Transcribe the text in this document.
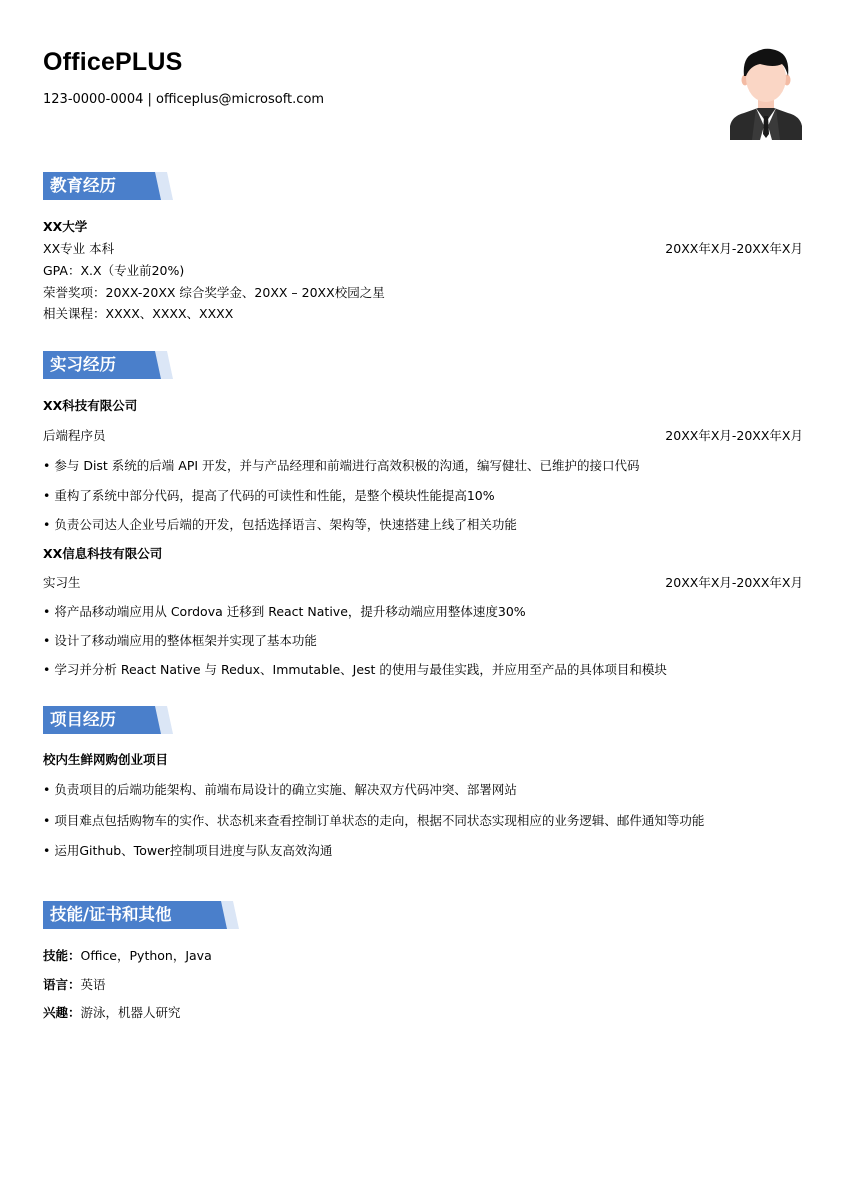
OfficePLUS
123-0000-0004 | officeplus@microsoft.com
教育经历
XX大学
XX专业 本科	20XX年X月-20XX年X月
GPA：X.X（专业前20%)
荣誉奖项：20XX-20XX 综合奖学金、20XX – 20XX校园之星
相关课程：XXXX、XXXX、XXXX
实习经历
XX科技有限公司
后端程序员	20XX年X月-20XX年X月
• 参与 Dist 系统的后端 API 开发，并与产品经理和前端进行高效积极的沟通，编写健壮、已维护的接口代码
• 重构了系统中部分代码，提高了代码的可读性和性能，是整个模块性能提高10%
• 负责公司达人企业号后端的开发，包括选择语言、架构等，快速搭建上线了相关功能
XX信息科技有限公司
实习生	20XX年X月-20XX年X月
• 将产品移动端应用从 Cordova 迁移到 React Native，提升移动端应用整体速度30%
• 设计了移动端应用的整体框架并实现了基本功能
• 学习并分析 React Native 与 Redux、Immutable、Jest 的使用与最佳实践，并应用至产品的具体项目和模块
项目经历
校内生鲜网购创业项目
• 负责项目的后端功能架构、前端布局设计的确立实施、解决双方代码冲突、部署网站
• 项目难点包括购物车的实作、状态机来查看控制订单状态的走向，根据不同状态实现相应的业务逻辑、邮件通知等功能
• 运用Github、Tower控制项目进度与队友高效沟通
技能/证书和其他
技能：Office，Python，Java
语言：英语
兴趣：游泳，机器人研究
